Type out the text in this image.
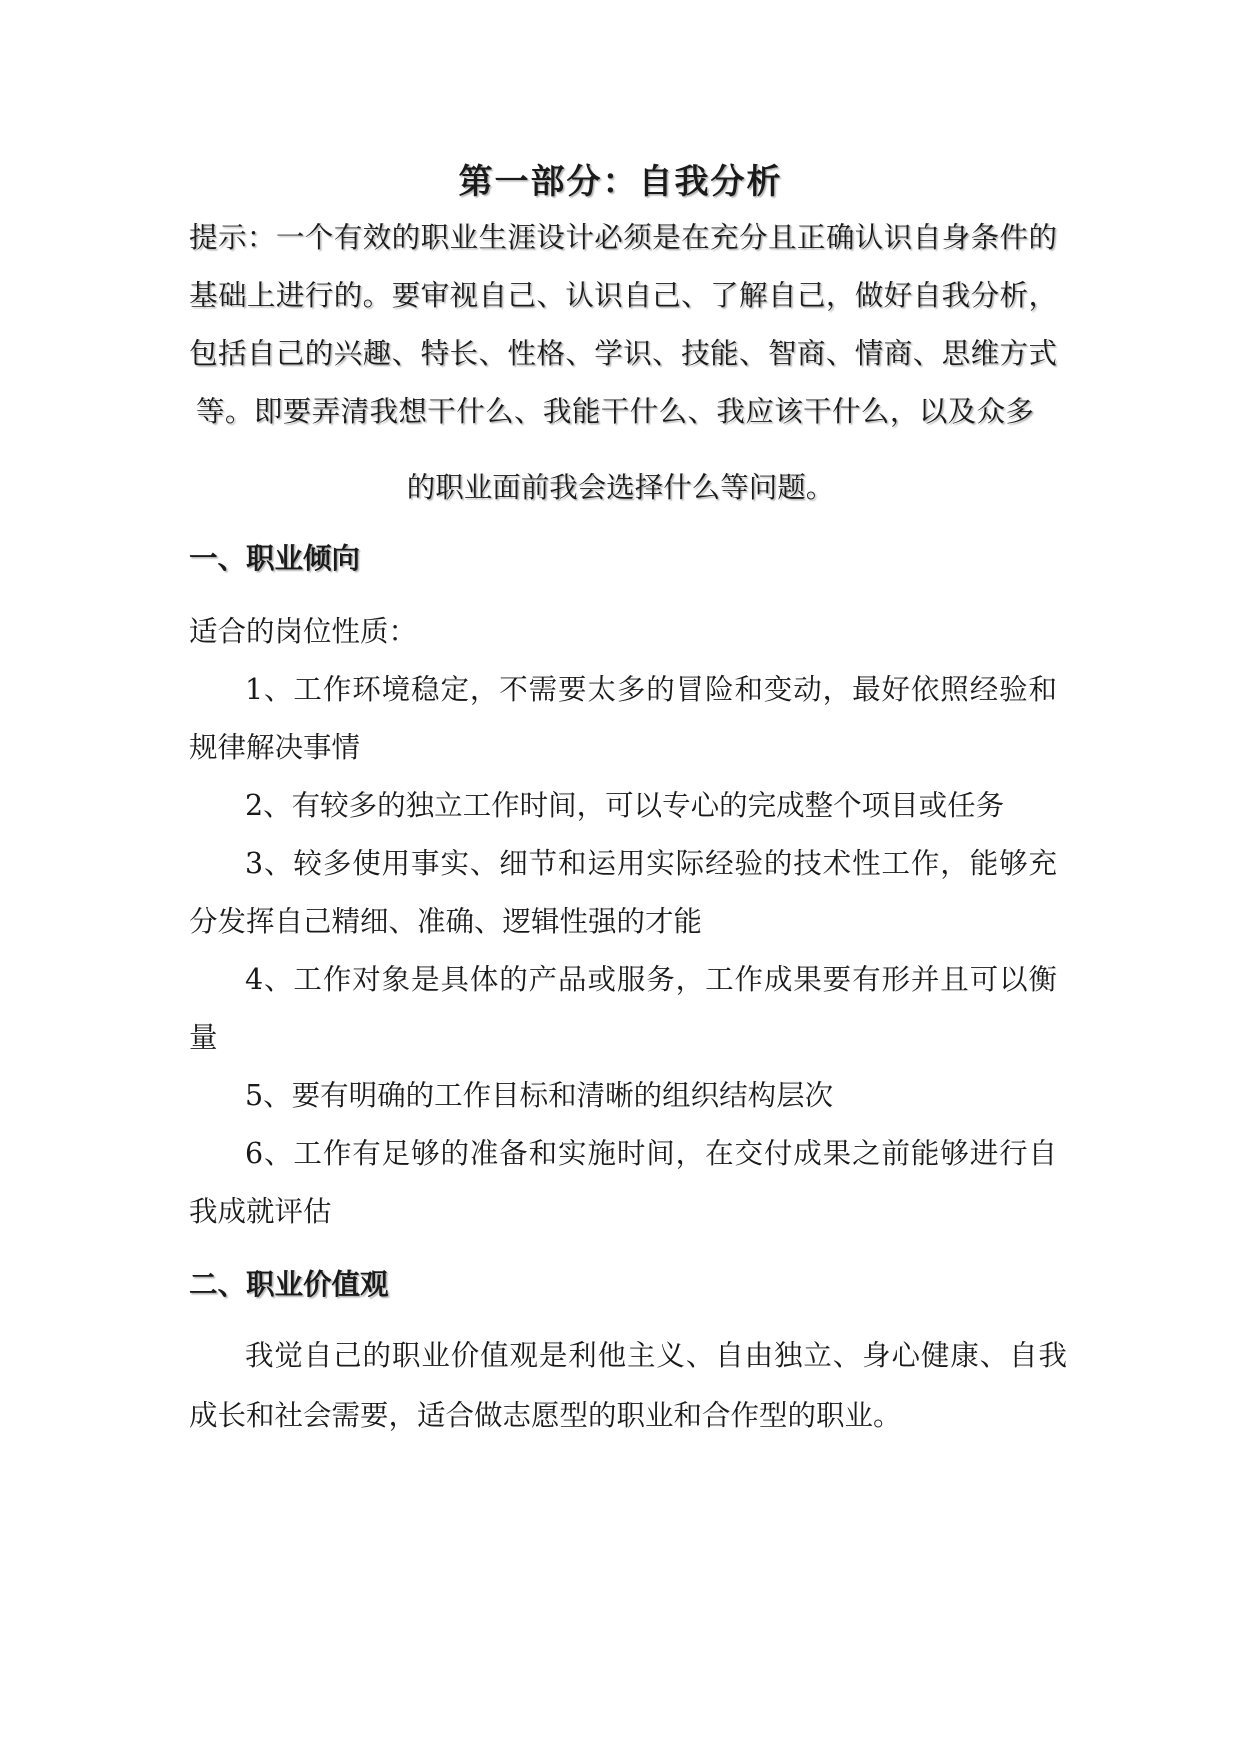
第一部分：自我分析
提示：一个有效的职业生涯设计必须是在充分且正确认识自身条件的
基础上进行的。要审视自己、认识自己、了解自己，做好自我分析，
包括自己的兴趣、特长、性格、学识、技能、智商、情商、思维方式
等。即要弄清我想干什么、我能干什么、我应该干什么，以及众多
的职业面前我会选择什么等问题。
一、职业倾向
适合的岗位性质：
1、工作环境稳定，不需要太多的冒险和变动，最好依照经验和
规律解决事情
2、有较多的独立工作时间，可以专心的完成整个项目或任务
3、较多使用事实、细节和运用实际经验的技术性工作，能够充
分发挥自己精细、准确、逻辑性强的才能
4、工作对象是具体的产品或服务，工作成果要有形并且可以衡
量
5、要有明确的工作目标和清晰的组织结构层次
6、工作有足够的准备和实施时间，在交付成果之前能够进行自
我成就评估
二、职业价值观
我觉自己的职业价值观是利他主义、自由独立、身心健康、自我
成长和社会需要，适合做志愿型的职业和合作型的职业。
